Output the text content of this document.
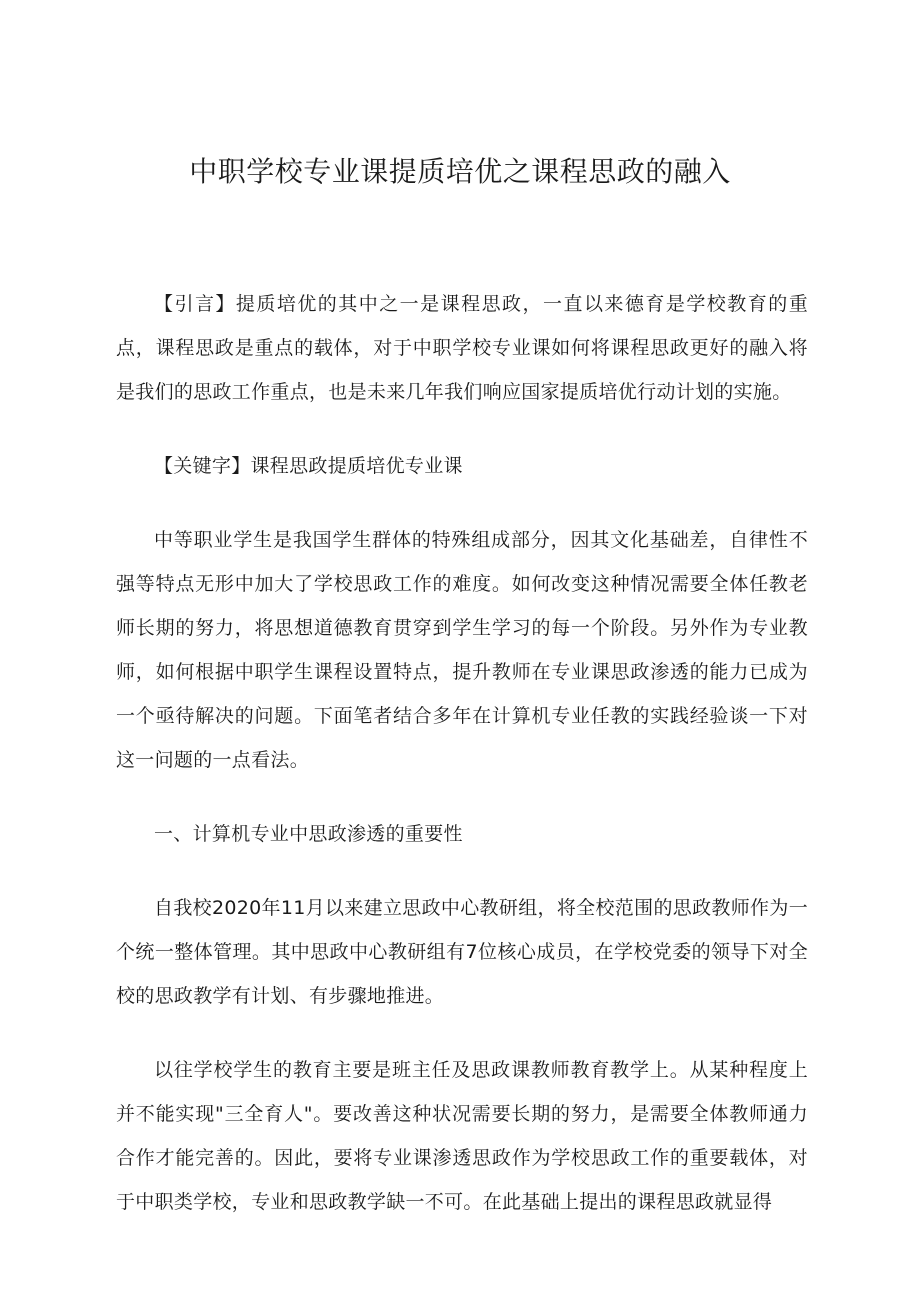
中职学校专业课提质培优之课程思政的融入

【引言】提质培优的其中之一是课程思政，一直以来德育是学校教育的重点，课程思政是重点的载体，对于中职学校专业课如何将课程思政更好的融入将是我们的思政工作重点，也是未来几年我们响应国家提质培优行动计划的实施。

【关键字】课程思政提质培优专业课

中等职业学生是我国学生群体的特殊组成部分，因其文化基础差，自律性不强等特点无形中加大了学校思政工作的难度。如何改变这种情况需要全体任教老师长期的努力，将思想道德教育贯穿到学生学习的每一个阶段。另外作为专业教师，如何根据中职学生课程设置特点，提升教师在专业课思政渗透的能力已成为一个亟待解决的问题。下面笔者结合多年在计算机专业任教的实践经验谈一下对这一问题的一点看法。

一、计算机专业中思政渗透的重要性

自我校2020年11月以来建立思政中心教研组，将全校范围的思政教师作为一个统一整体管理。其中思政中心教研组有7位核心成员，在学校党委的领导下对全校的思政教学有计划、有步骤地推进。

以往学校学生的教育主要是班主任及思政课教师教育教学上。从某种程度上并不能实现"三全育人"。要改善这种状况需要长期的努力，是需要全体教师通力合作才能完善的。因此，要将专业课渗透思政作为学校思政工作的重要载体，对于中职类学校，专业和思政教学缺一不可。在此基础上提出的课程思政就显得
